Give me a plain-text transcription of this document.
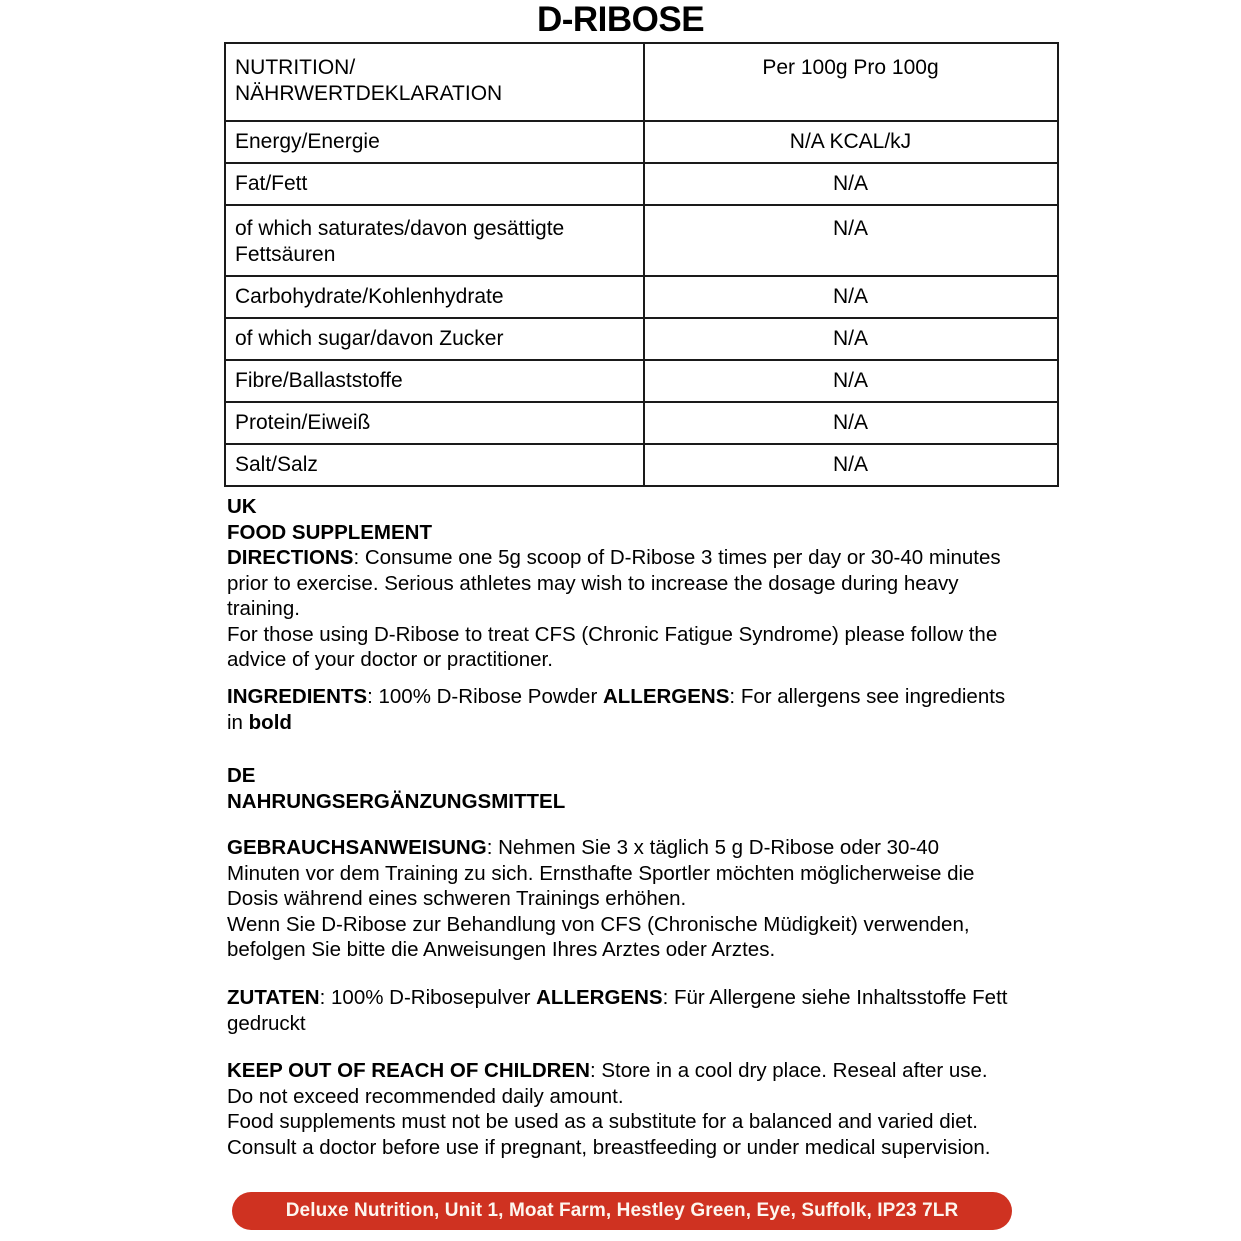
D-RIBOSE
NUTRITION/
NÄHRWERTDEKLARATION	Per 100g Pro 100g
Energy/Energie	N/A KCAL/kJ
Fat/Fett	N/A
of which saturates/davon gesättigte Fettsäuren	N/A
Carbohydrate/Kohlenhydrate	N/A
of which sugar/davon Zucker	N/A
Fibre/Ballaststoffe	N/A
Protein/Eiweiß	N/A
Salt/Salz	N/A
UK
FOOD SUPPLEMENT
DIRECTIONS: Consume one 5g scoop of D-Ribose 3 times per day or 30-40 minutes prior to exercise. Serious athletes may wish to increase the dosage during heavy training.
For those using D-Ribose to treat CFS (Chronic Fatigue Syndrome) please follow the advice of your doctor or practitioner.
INGREDIENTS: 100% D-Ribose Powder ALLERGENS: For allergens see ingredients in bold
DE
NAHRUNGSERGÄNZUNGSMITTEL
GEBRAUCHSANWEISUNG: Nehmen Sie 3 x täglich 5 g D-Ribose oder 30-40 Minuten vor dem Training zu sich. Ernsthafte Sportler möchten möglicherweise die Dosis während eines schweren Trainings erhöhen.
Wenn Sie D-Ribose zur Behandlung von CFS (Chronische Müdigkeit) verwenden, befolgen Sie bitte die Anweisungen Ihres Arztes oder Arztes.
ZUTATEN: 100% D-Ribosepulver ALLERGENS: Für Allergene siehe Inhaltsstoffe Fett gedruckt
KEEP OUT OF REACH OF CHILDREN: Store in a cool dry place. Reseal after use. Do not exceed recommended daily amount.
Food supplements must not be used as a substitute for a balanced and varied diet.
Consult a doctor before use if pregnant, breastfeeding or under medical supervision.
Deluxe Nutrition, Unit 1, Moat Farm, Hestley Green, Eye, Suffolk, IP23 7LR
